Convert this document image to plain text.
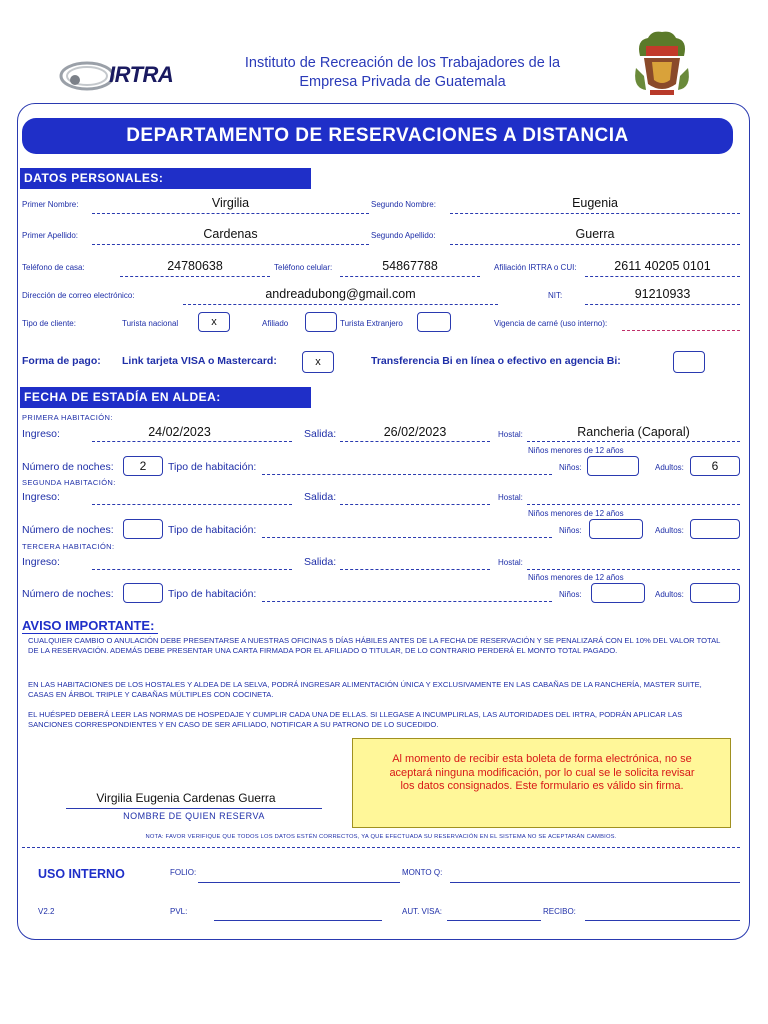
IRTRA	Instituto de Recreación de los Trabajadores de la
Empresa Privada de Guatemala
DEPARTAMENTO DE RESERVACIONES A DISTANCIA
DATOS PERSONALES:
Primer Nombre:	Virgilia	Segundo Nombre:	Eugenia
Primer Apellido:	Cardenas	Segundo Apellido:	Guerra
Teléfono de casa:	24780638	Teléfono celular:	54867788	Afiliación IRTRA o CUI:	2611 40205 0101
Dirección de correo electrónico:	andreadubong@gmail.com	NIT:	91210933
Tipo de cliente:	Turista nacional	x	Afiliado	Turista Extranjero	Vigencia de carné (uso interno):
Forma de pago: Link tarjeta VISA o Mastercard:	x	Transferencia Bi en línea o efectivo en agencia Bi:
FECHA DE ESTADÍA EN ALDEA:
PRIMERA HABITACIÓN:
Ingreso:	24/02/2023	Salida:	26/02/2023	Hostal:	Rancheria (Caporal)
Niños menores de 12 años
Número de noches:	2	Tipo de habitación:	Niños:	Adultos:	6
SEGUNDA HABITACIÓN:
Ingreso:	Salida:	Hostal:
Niños menores de 12 años
Número de noches:	Tipo de habitación:	Niños:	Adultos:
TERCERA HABITACIÓN:
Ingreso:	Salida:	Hostal:
Niños menores de 12 años
Número de noches:	Tipo de habitación:	Niños:	Adultos:
AVISO IMPORTANTE:
CUALQUIER CAMBIO O ANULACIÓN DEBE PRESENTARSE A NUESTRAS OFICINAS 5 DÍAS HÁBILES ANTES DE LA FECHA DE RESERVACIÓN Y SE PENALIZARÁ CON EL 10% DEL VALOR TOTAL DE LA RESERVACIÓN. ADEMÁS DEBE PRESENTAR UNA CARTA FIRMADA POR EL AFILIADO O TITULAR, DE LO CONTRARIO PERDERÁ EL MONTO TOTAL PAGADO.
EN LAS HABITACIONES DE LOS HOSTALES Y ALDEA DE LA SELVA, PODRÁ INGRESAR ALIMENTACIÓN ÚNICA Y EXCLUSIVAMENTE EN LAS CABAÑAS DE LA RANCHERÍA, MASTER SUITE, CASAS EN ÁRBOL TRIPLE Y CABAÑAS MÚLTIPLES CON COCINETA.
EL HUÉSPED DEBERÁ LEER LAS NORMAS DE HOSPEDAJE Y CUMPLIR CADA UNA DE ELLAS. SI LLEGASE A INCUMPLIRLAS, LAS AUTORIDADES DEL IRTRA, PODRÁN APLICAR LAS SANCIONES CORRESPONDIENTES Y EN CASO DE SER AFILIADO, NOTIFICAR A SU PATRONO DE LO SUCEDIDO.
Virgilia Eugenia Cardenas Guerra
NOMBRE DE QUIEN RESERVA
Al momento de recibir esta boleta de forma electrónica, no se aceptará ninguna modificación, por lo cual se le solicita revisar los datos consignados. Este formulario es válido sin firma.
NOTA: FAVOR VERIFIQUE QUE TODOS LOS DATOS ESTÉN CORRECTOS, YA QUE EFECTUADA SU RESERVACIÓN EN EL SISTEMA NO SE ACEPTARÁN CAMBIOS.
USO INTERNO	FOLIO:	MONTO Q:
V2.2	PVL:	AUT. VISA:	RECIBO:
